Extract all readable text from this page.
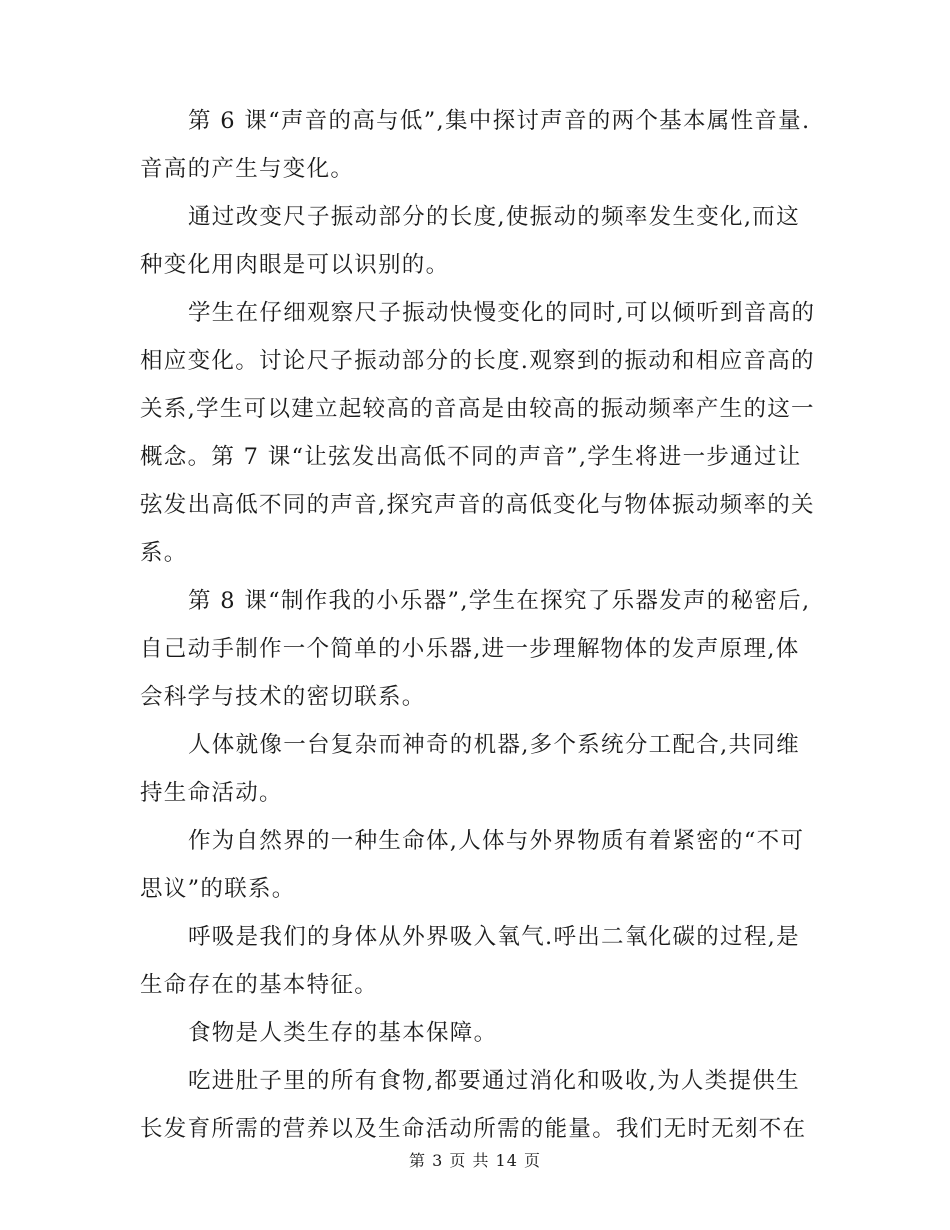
第 6 课“声音的高与低”,集中探讨声音的两个基本属性音量.
音高的产生与变化。
通过改变尺子振动部分的长度,使振动的频率发生变化,而这
种变化用肉眼是可以识别的。
学生在仔细观察尺子振动快慢变化的同时,可以倾听到音高的
相应变化。讨论尺子振动部分的长度.观察到的振动和相应音高的
关系,学生可以建立起较高的音高是由较高的振动频率产生的这一
概念。第 7 课“让弦发出高低不同的声音”,学生将进一步通过让
弦发出高低不同的声音,探究声音的高低变化与物体振动频率的关
系。
第 8 课“制作我的小乐器”,学生在探究了乐器发声的秘密后,
自己动手制作一个简单的小乐器,进一步理解物体的发声原理,体
会科学与技术的密切联系。
人体就像一台复杂而神奇的机器,多个系统分工配合,共同维
持生命活动。
作为自然界的一种生命体,人体与外界物质有着紧密的“不可
思议”的联系。
呼吸是我们的身体从外界吸入氧气.呼出二氧化碳的过程,是
生命存在的基本特征。
食物是人类生存的基本保障。
吃进肚子里的所有食物,都要通过消化和吸收,为人类提供生
长发育所需的营养以及生命活动所需的能量。我们无时无刻不在
第 3 页 共 14 页
